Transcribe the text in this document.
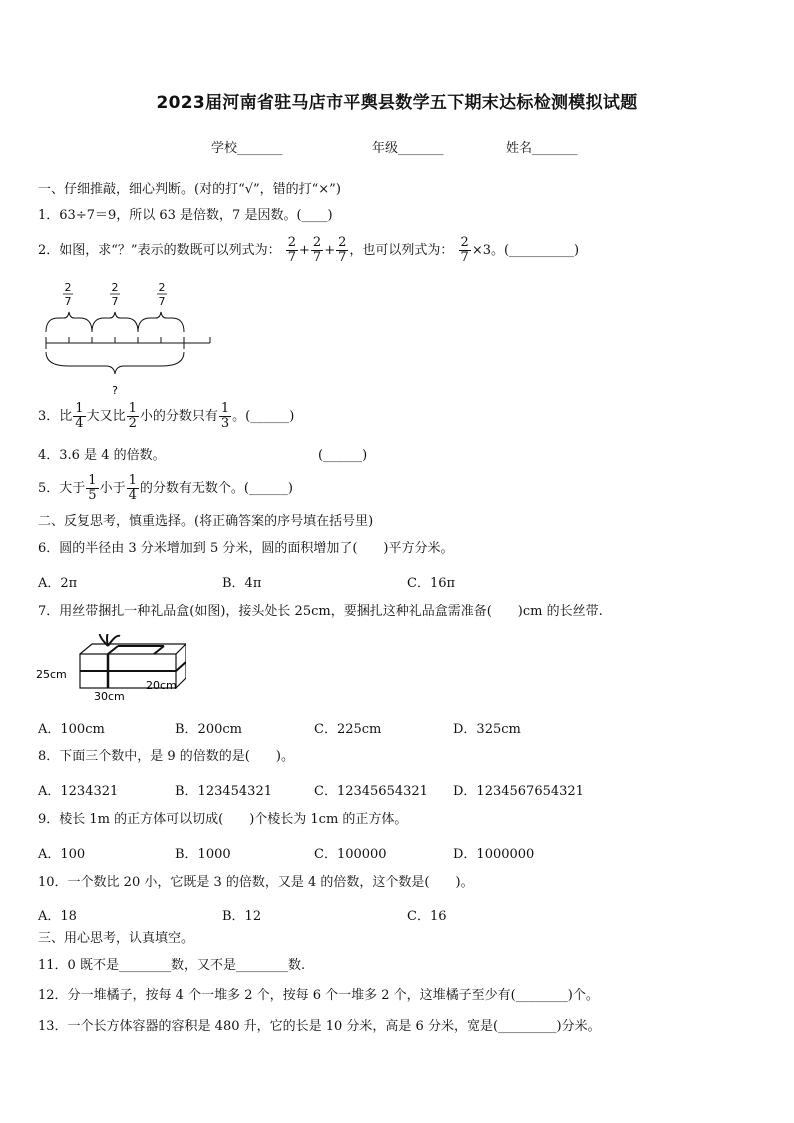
2023届河南省驻马店市平舆县数学五下期末达标检测模拟试题
学校_______	年级_______	姓名_______
一、仔细推敲，细心判断。(对的打“√”，错的打“×”)
1．63÷7＝9，所以 63 是倍数，7 是因数。(____)
2．如图，求“？”表示的数既可以列式为： $\frac{2}{7} + \frac{2}{7} + \frac{2}{7}$ ，也可以列式为： $\frac{2}{7} \times 3$。(__________)
2
7
2
7
2
7
?
3．比 $\frac{1}{4}$ 大又比 $\frac{1}{2}$ 小的分数只有 $\frac{1}{3}$ 。(______)
4．3.6 是 4 的倍数。	(______)
5．大于 $\frac{1}{5}$ 小于 $\frac{1}{4}$ 的分数有无数个。(______)
二、反复思考，慎重选择。(将正确答案的序号填在括号里)
6．圆的半径由 3 分米增加到 5 分米，圆的面积增加了(　　)平方分米。
A．2π	B．4π	C．16π
7．用丝带捆扎一种礼品盒(如图)，接头处长 25cm，要捆扎这种礼品盒需准备(　　)cm 的长丝带.
25cm
30cm
20cm
A．100cm	B．200cm	C．225cm	D．325cm
8．下面三个数中，是 9 的倍数的是(　　)。
A．1234321	B．123454321	C．12345654321 D．1234567654321
9．棱长 1m 的正方体可以切成(　　)个棱长为 1cm 的正方体。
A．100	B．1000	C．100000	D．1000000
10．一个数比 20 小，它既是 3 的倍数，又是 4 的倍数，这个数是(　　)。
A．18	B．12	C．16
三、用心思考，认真填空。
11．0 既不是________数，又不是________数.
12．分一堆橘子，按每 4 个一堆多 2 个，按每 6 个一堆多 2 个，这堆橘子至少有(________)个。
13．一个长方体容器的容积是 480 升，它的长是 10 分米，高是 6 分米，宽是(_________)分米。
